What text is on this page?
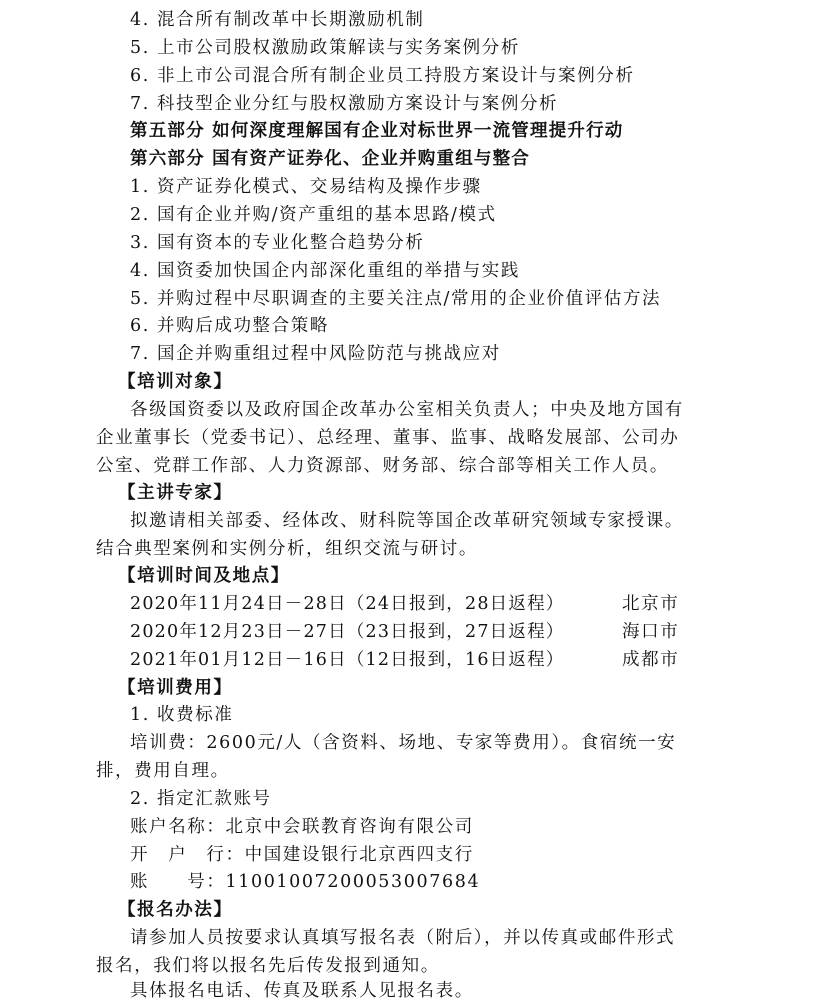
4. 混合所有制改革中长期激励机制
5. 上市公司股权激励政策解读与实务案例分析
6. 非上市公司混合所有制企业员工持股方案设计与案例分析
7. 科技型企业分红与股权激励方案设计与案例分析
第五部分 如何深度理解国有企业对标世界一流管理提升行动
第六部分 国有资产证券化、企业并购重组与整合
1. 资产证券化模式、交易结构及操作步骤
2. 国有企业并购/资产重组的基本思路/模式
3. 国有资本的专业化整合趋势分析
4. 国资委加快国企内部深化重组的举措与实践
5. 并购过程中尽职调查的主要关注点/常用的企业价值评估方法
6. 并购后成功整合策略
7. 国企并购重组过程中风险防范与挑战应对
【培训对象】
各级国资委以及政府国企改革办公室相关负责人；中央及地方国有
企业董事长（党委书记）、总经理、董事、监事、战略发展部、公司办
公室、党群工作部、人力资源部、财务部、综合部等相关工作人员。
【主讲专家】
拟邀请相关部委、经体改、财科院等国企改革研究领域专家授课。
结合典型案例和实例分析，组织交流与研讨。
【培训时间及地点】
2020年11月24日－28日（24日报到，28日返程）	北京市
2020年12月23日－27日（23日报到，27日返程）	海口市
2021年01月12日－16日（12日报到，16日返程）	成都市
【培训费用】
1. 收费标准
培训费：2600元/人（含资料、场地、专家等费用）。食宿统一安
排，费用自理。
2. 指定汇款账号
账户名称：北京中会联教育咨询有限公司
开　户　行：中国建设银行北京西四支行
账　　号：11001007200053007684
【报名办法】
请参加人员按要求认真填写报名表（附后），并以传真或邮件形式
报名，我们将以报名先后传发报到通知。
具体报名电话、传真及联系人见报名表。
